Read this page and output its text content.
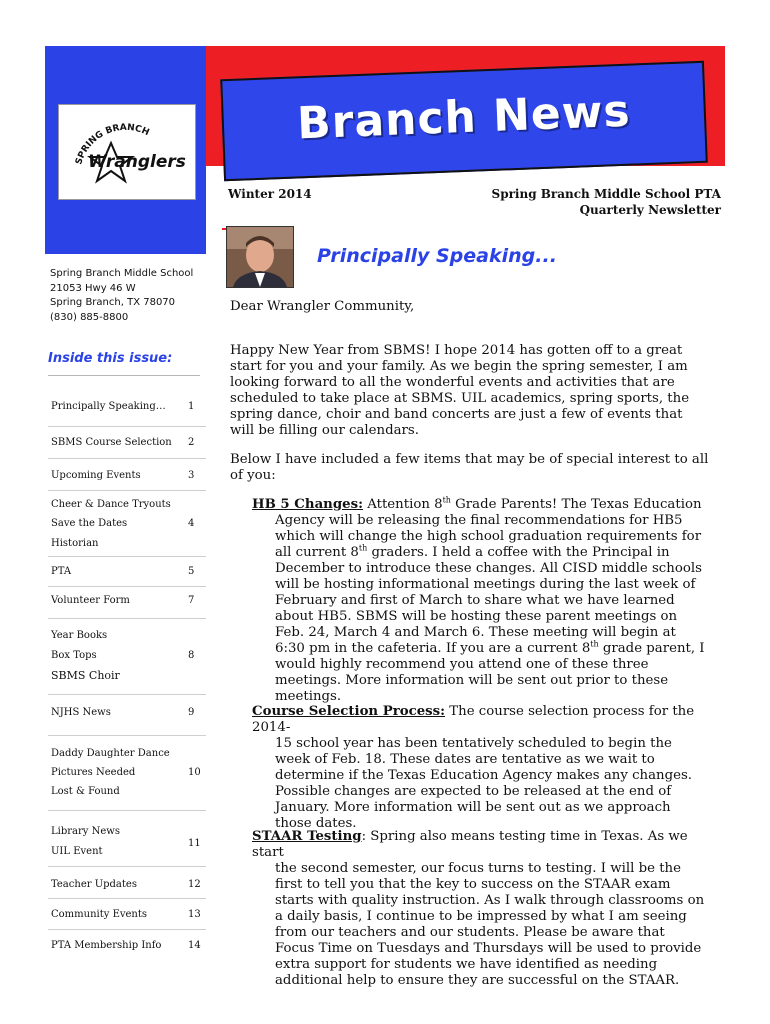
SPRING BRANCH
Wranglers
Branch News
Winter 2014	Spring Branch Middle School PTA
Quarterly Newsletter
Spring Branch Middle School
21053 Hwy 46 W
Spring Branch, TX 78070
(830) 885-8800
Inside this issue:
Principally Speaking… 1
SBMS Course Selection 2
Upcoming Events	3
Cheer & Dance Tryouts
Save the Dates	4
Historian
PTA	5
Volunteer Form	7
Year Books
Box Tops	8
SBMS Choir
NJHS News	9
Daddy Daughter Dance
Pictures Needed	10
Lost & Found
Library News
11
UIL Event
Teacher Updates	12
Community Events	13
PTA Membership Info	14
Principally Speaking...
Dear Wrangler Community,
Happy New Year from SBMS! I hope 2014 has gotten off to a great start for you and your family. As we begin the spring semester, I am looking forward to all the wonderful events and activities that are scheduled to take place at SBMS. UIL academics, spring sports, the spring dance, choir and band concerts are just a few of events that will be filling our calendars.
Below I have included a few items that may be of special interest to all of you:
HB 5 Changes: Attention 8th Grade Parents! The Texas Education
Agency will be releasing the final recommendations for HB5 which will change the high school graduation requirements for all current 8th graders. I held a coffee with the Principal in December to introduce these changes. All CISD middle schools will be hosting informational meetings during the last week of February and first of March to share what we have learned about HB5. SBMS will be hosting these parent meetings on Feb. 24, March 4 and March 6. These meeting will begin at 6:30 pm in the cafeteria. If you are a current 8th grade parent, I would highly recommend you attend one of these three meetings. More information will be sent out prior to these meetings.
Course Selection Process: The course selection process for the 2014-
15 school year has been tentatively scheduled to begin the week of Feb. 18. These dates are tentative as we wait to determine if the Texas Education Agency makes any changes. Possible changes are expected to be released at the end of January. More information will be sent out as we approach those dates.
STAAR Testing: Spring also means testing time in Texas. As we start
the second semester, our focus turns to testing. I will be the first to tell you that the key to success on the STAAR exam starts with quality instruction. As I walk through classrooms on a daily basis, I continue to be impressed by what I am seeing from our teachers and our students. Please be aware that Focus Time on Tuesdays and Thursdays will be used to provide extra support for students we have identified as needing additional help to ensure they are successful on the STAAR.
